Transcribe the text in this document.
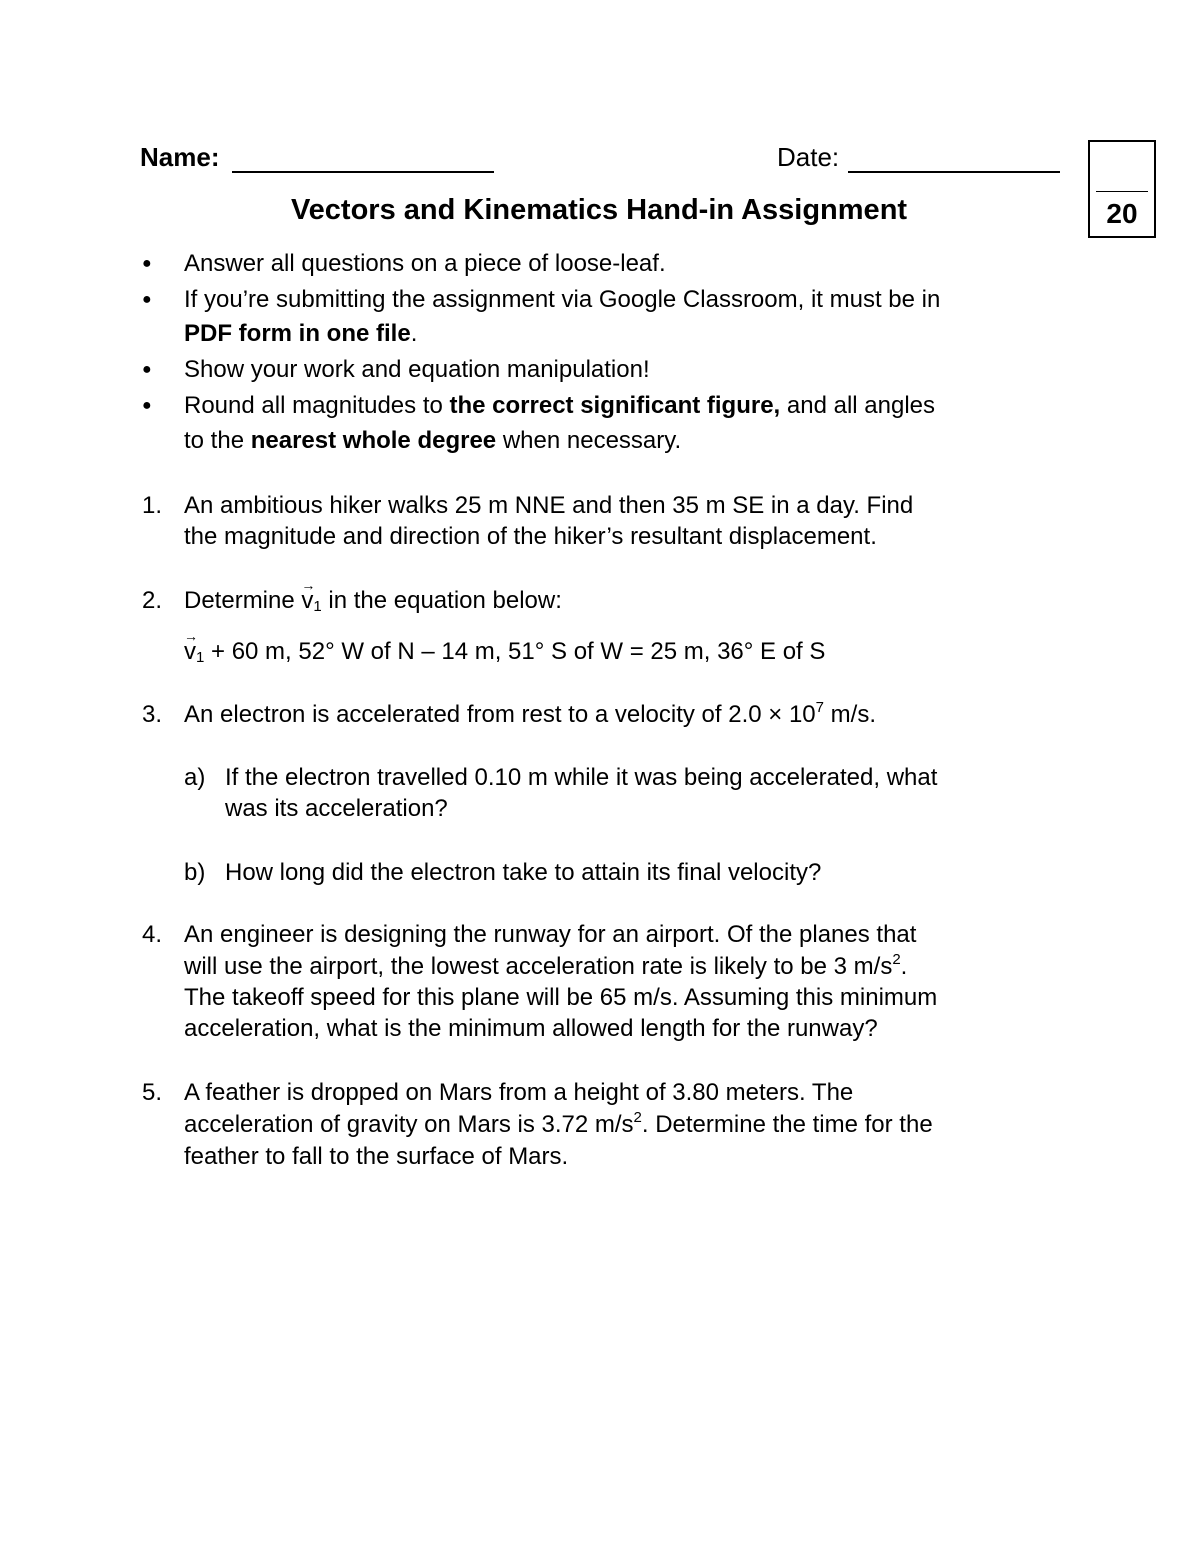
Name:	Date:
20
Vectors and Kinematics Hand-in Assignment
● Answer all questions on a piece of loose-leaf.
● If you’re submitting the assignment via Google Classroom, it must be in
PDF form in one file.
● Show your work and equation manipulation!
● Round all magnitudes to the correct significant figure, and all angles
to the nearest whole degree when necessary.
1. An ambitious hiker walks 25 m NNE and then 35 m SE in a day. Find
the magnitude and direction of the hiker’s resultant displacement.
2. Determine → $v_1$ in the equation below:
→ $v_1 + 60$ m, 52° W of N – 14 m, 51° S of W = 25 m, 36° E of S
3. An electron is accelerated from rest to a velocity of $2.0 \times 10^7$ m/s.
a) If the electron travelled 0.10 m while it was being accelerated, what
was its acceleration?
b) How long did the electron take to attain its final velocity?
4. An engineer is designing the runway for an airport. Of the planes that
will use the airport, the lowest acceleration rate is likely to be 3 $m/s^2$.
The takeoff speed for this plane will be 65 m/s. Assuming this minimum
acceleration, what is the minimum allowed length for the runway?
5. A feather is dropped on Mars from a height of 3.80 meters. The
acceleration of gravity on Mars is 3.72 $m/s^2$. Determine the time for the
feather to fall to the surface of Mars.
